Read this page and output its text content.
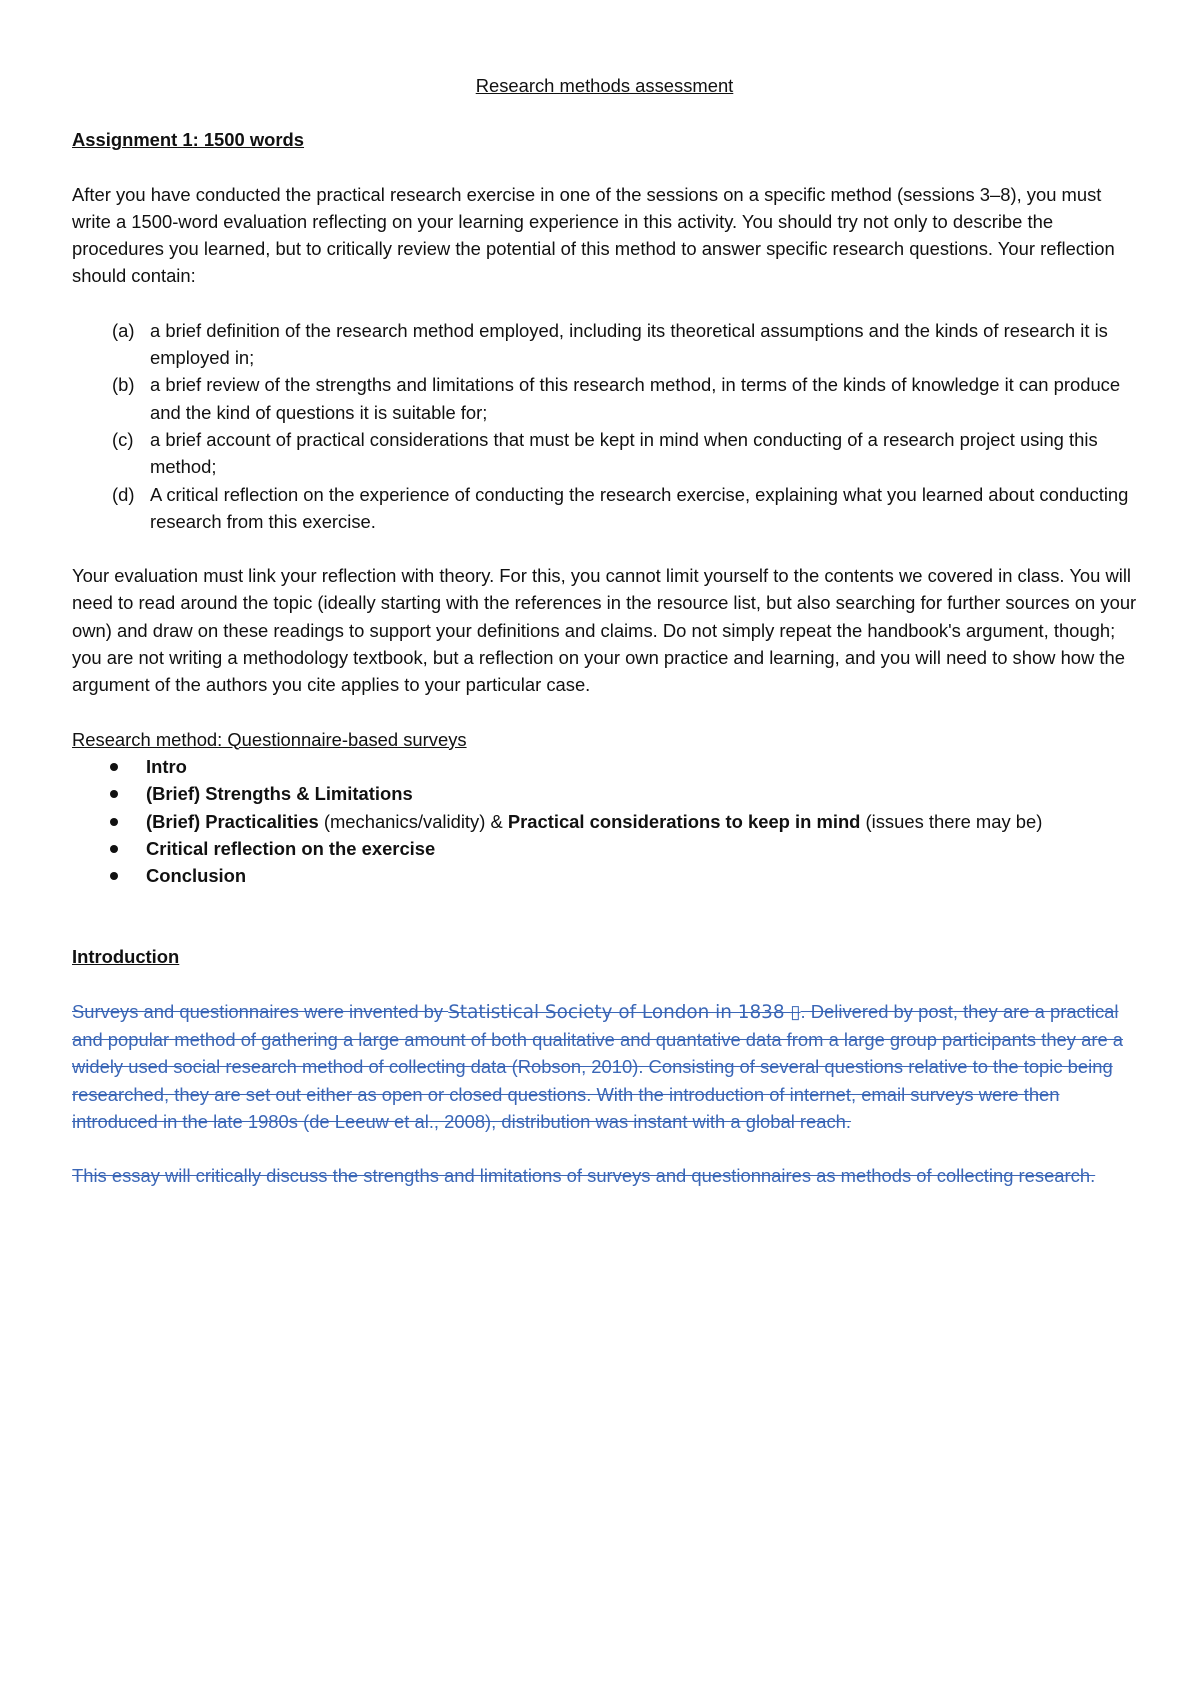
Research methods assessment
Assignment 1: 1500 words

After you have conducted the practical research exercise in one of the sessions on a specific method (sessions 3–8), you must write a 1500-word evaluation reflecting on your learning experience in this activity. You should try not only to describe the procedures you learned, but to critically review the potential of this method to answer specific research questions. Your reflection should contain:

(a) a brief definition of the research method employed, including its theoretical assumptions and the kinds of research it is employed in;
(b) a brief review of the strengths and limitations of this research method, in terms of the kinds of knowledge it can produce and the kind of questions it is suitable for;
(c) a brief account of practical considerations that must be kept in mind when conducting of a research project using this method;
(d) A critical reflection on the experience of conducting the research exercise, explaining what you learned about conducting research from this exercise.

Your evaluation must link your reflection with theory. For this, you cannot limit yourself to the contents we covered in class. You will need to read around the topic (ideally starting with the references in the resource list, but also searching for further sources on your own) and draw on these readings to support your definitions and claims. Do not simply repeat the handbook's argument, though; you are not writing a methodology textbook, but a reflection on your own practice and learning, and you will need to show how the argument of the authors you cite applies to your particular case.

Research method: Questionnaire-based surveys
Intro
(Brief) Strengths & Limitations
(Brief) Practicalities (mechanics/validity) & Practical considerations to keep in mind (issues there may be)
Critical reflection on the exercise
Conclusion
Introduction

Surveys and questionnaires were invented by Statistical Society of London in 1838 ▯. Delivered by post, they are a practical and popular method of gathering a large amount of both qualitative and quantative data from a large group participants they are a widely used social research method of collecting data (Robson, 2010). Consisting of several questions relative to the topic being researched, they are set out either as open or closed questions. With the introduction of internet, email surveys were then introduced in the late 1980s (de Leeuw et al., 2008), distribution was instant with a global reach.

This essay will critically discuss the strengths and limitations of surveys and questionnaires as methods of collecting research.
